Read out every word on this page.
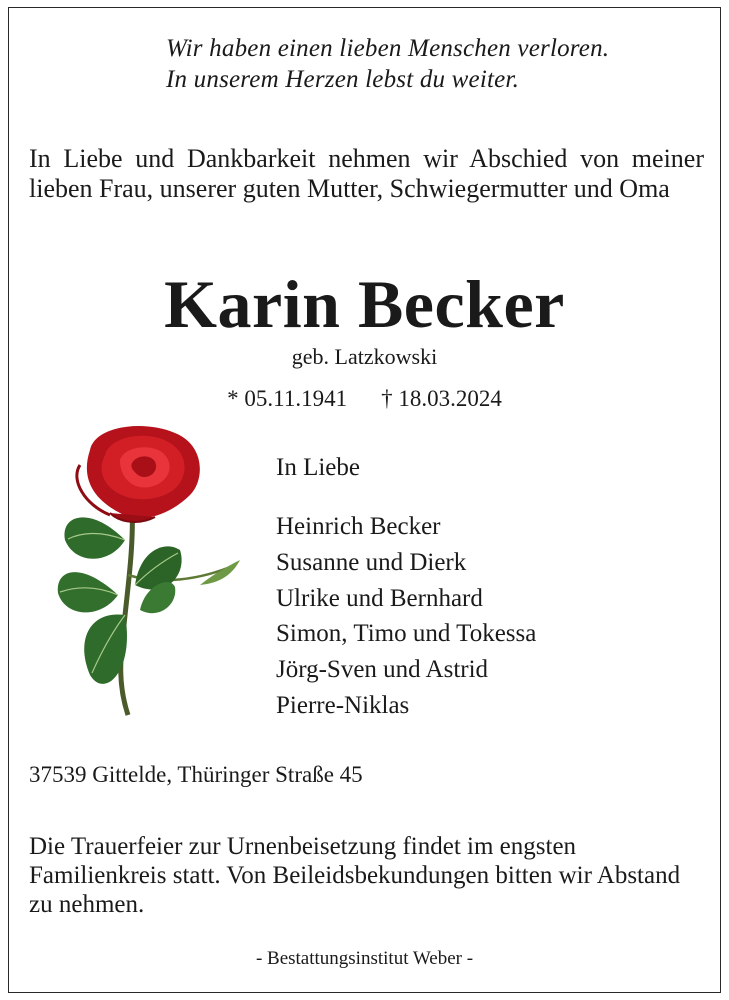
Wir haben einen lieben Menschen verloren.
In unserem Herzen lebst du weiter.
In Liebe und Dankbarkeit nehmen wir Abschied von meiner lieben Frau, unserer guten Mutter, Schwiegermutter und Oma
Karin Becker
geb. Latzkowski
* 05.11.1941 † 18.03.2024
In Liebe
Heinrich Becker
Susanne und Dierk
Ulrike und Bernhard
Simon, Timo und Tokessa
Jörg-Sven und Astrid
Pierre-Niklas
37539 Gittelde, Thüringer Straße 45
Die Trauerfeier zur Urnenbeisetzung findet im engsten Familienkreis statt. Von Beileidsbekundungen bitten wir Abstand zu nehmen.
- Bestattungsinstitut Weber -
